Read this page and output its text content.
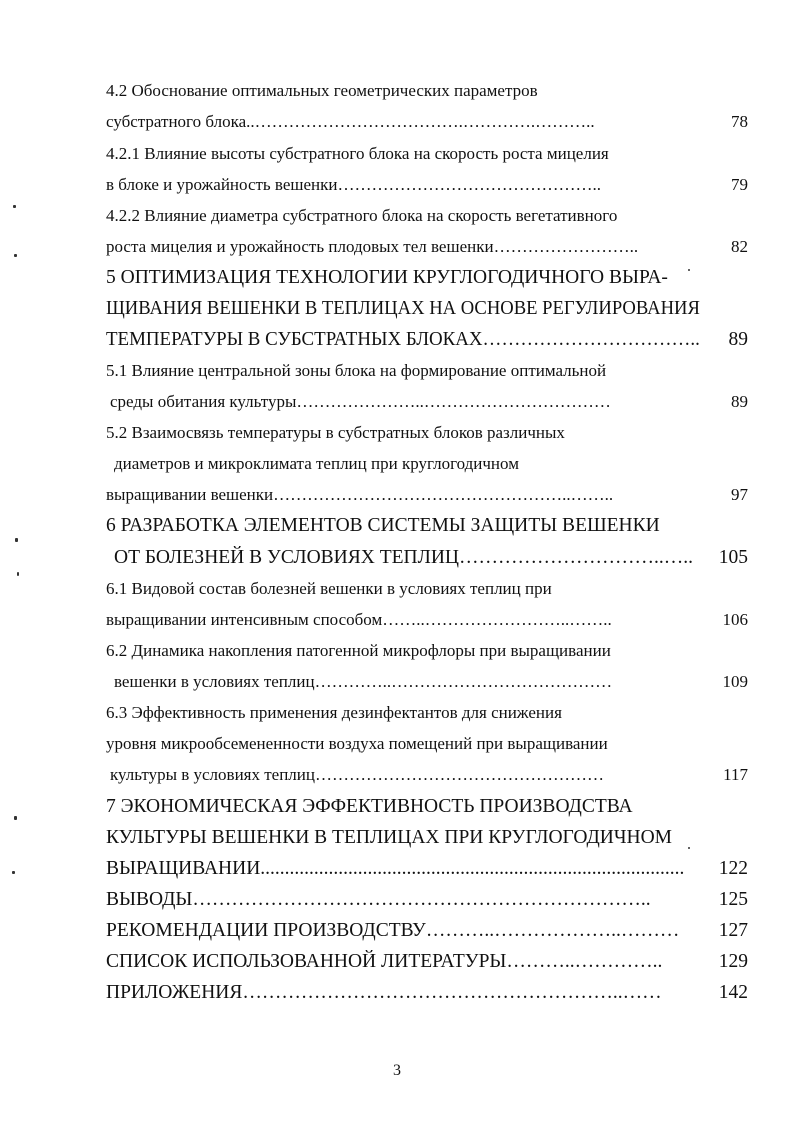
4.2 Обоснование оптимальных геометрических параметров
субстратного блока..……………………………….………….………..	78
4.2.1 Влияние высоты субстратного блока на скорость роста мицелия
в блоке и урожайность вешенки………………………………………..	79
4.2.2 Влияние диаметра субстратного блока на скорость вегетативного
роста мицелия и урожайность плодовых тел вешенки……………………..	82
5 ОПТИМИЗАЦИЯ ТЕХНОЛОГИИ КРУГЛОГОДИЧНОГО ВЫРА-
ЩИВАНИЯ ВЕШЕНКИ В ТЕПЛИЦАХ НА ОСНОВЕ РЕГУЛИРОВАНИЯ
ТЕМПЕРАТУРЫ В СУБСТРАТНЫХ БЛОКАХ…………………………….. 89
5.1 Влияние центральной зоны блока на формирование оптимальной
среды обитания культуры…………………..……………………………	89
5.2 Взаимосвязь температуры в субстратных блоков различных
диаметров и микроклимата теплиц при круглогодичном
выращивании вешенки……………………………………………..……..	97
6 РАЗРАБОТКА ЭЛЕМЕНТОВ СИСТЕМЫ ЗАЩИТЫ ВЕШЕНКИ
ОТ БОЛЕЗНЕЙ В УСЛОВИЯХ ТЕПЛИЦ…………………………..….. 105
6.1 Видовой состав болезней вешенки в условиях теплиц при
выращивании интенсивным способом……..……………………..……..	106
6.2 Динамика накопления патогенной микрофлоры при выращивании
вешенки в условиях теплиц…………..…………………………………	109
6.3 Эффективность применения дезинфектантов для снижения
уровня микрообсемененности воздуха помещений при выращивании
культуры в условиях теплиц……………………………………………	117
7 ЭКОНОМИЧЕСКАЯ ЭФФЕКТИВНОСТЬ ПРОИЗВОДСТВА
КУЛЬТУРЫ ВЕШЕНКИ В ТЕПЛИЦАХ ПРИ КРУГЛОГОДИЧНОМ
ВЫРАЩИВАНИИ....................................................................................... 122
ВЫВОДЫ……………………………………………………………..	125
РЕКОМЕНДАЦИИ ПРОИЗВОДСТВУ………..………………..……… 127
СПИСОК ИСПОЛЬЗОВАННОЙ ЛИТЕРАТУРЫ………..…………..	129
ПРИЛОЖЕНИЯ…………………………………………………..……	142
3
